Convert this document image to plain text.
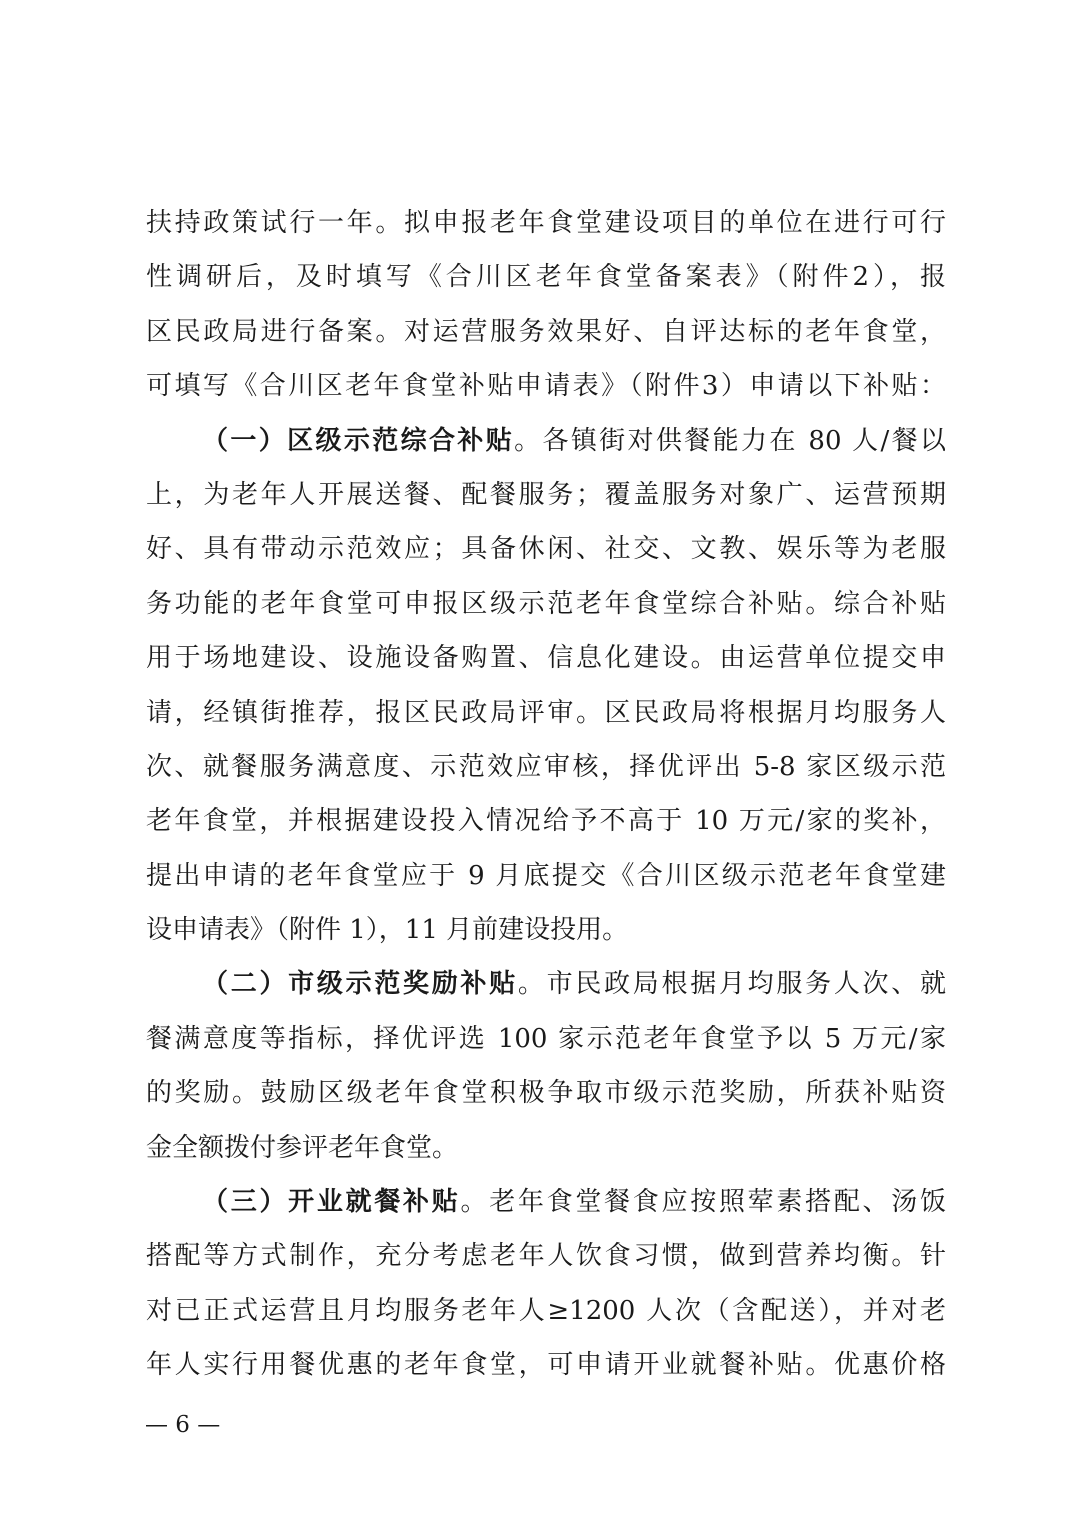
扶持政策试行一年。拟申报老年食堂建设项目的单位在进行可行
性调研后，及时填写《合川区老年食堂备案表》（附件2），报
区民政局进行备案。对运营服务效果好、自评达标的老年食堂，
可填写《合川区老年食堂补贴申请表》（附件3）申请以下补贴：
（一）区级示范综合补贴。各镇街对供餐能力在 80 人/餐以
上，为老年人开展送餐、配餐服务；覆盖服务对象广、运营预期
好、具有带动示范效应；具备休闲、社交、文教、娱乐等为老服
务功能的老年食堂可申报区级示范老年食堂综合补贴。综合补贴
用于场地建设、设施设备购置、信息化建设。由运营单位提交申
请，经镇街推荐，报区民政局评审。区民政局将根据月均服务人
次、就餐服务满意度、示范效应审核，择优评出 5-8 家区级示范
老年食堂，并根据建设投入情况给予不高于 10 万元/家的奖补，
提出申请的老年食堂应于 9 月底提交《合川区级示范老年食堂建
设申请表》（附件 1），11 月前建设投用。
（二）市级示范奖励补贴。市民政局根据月均服务人次、就
餐满意度等指标，择优评选 100 家示范老年食堂予以 5 万元/家
的奖励。鼓励区级老年食堂积极争取市级示范奖励，所获补贴资
金全额拨付参评老年食堂。
（三）开业就餐补贴。老年食堂餐食应按照荤素搭配、汤饭
搭配等方式制作，充分考虑老年人饮食习惯，做到营养均衡。针
对已正式运营且月均服务老年人≥1200 人次（含配送），并对老
年人实行用餐优惠的老年食堂，可申请开业就餐补贴。优惠价格
— 6 —
